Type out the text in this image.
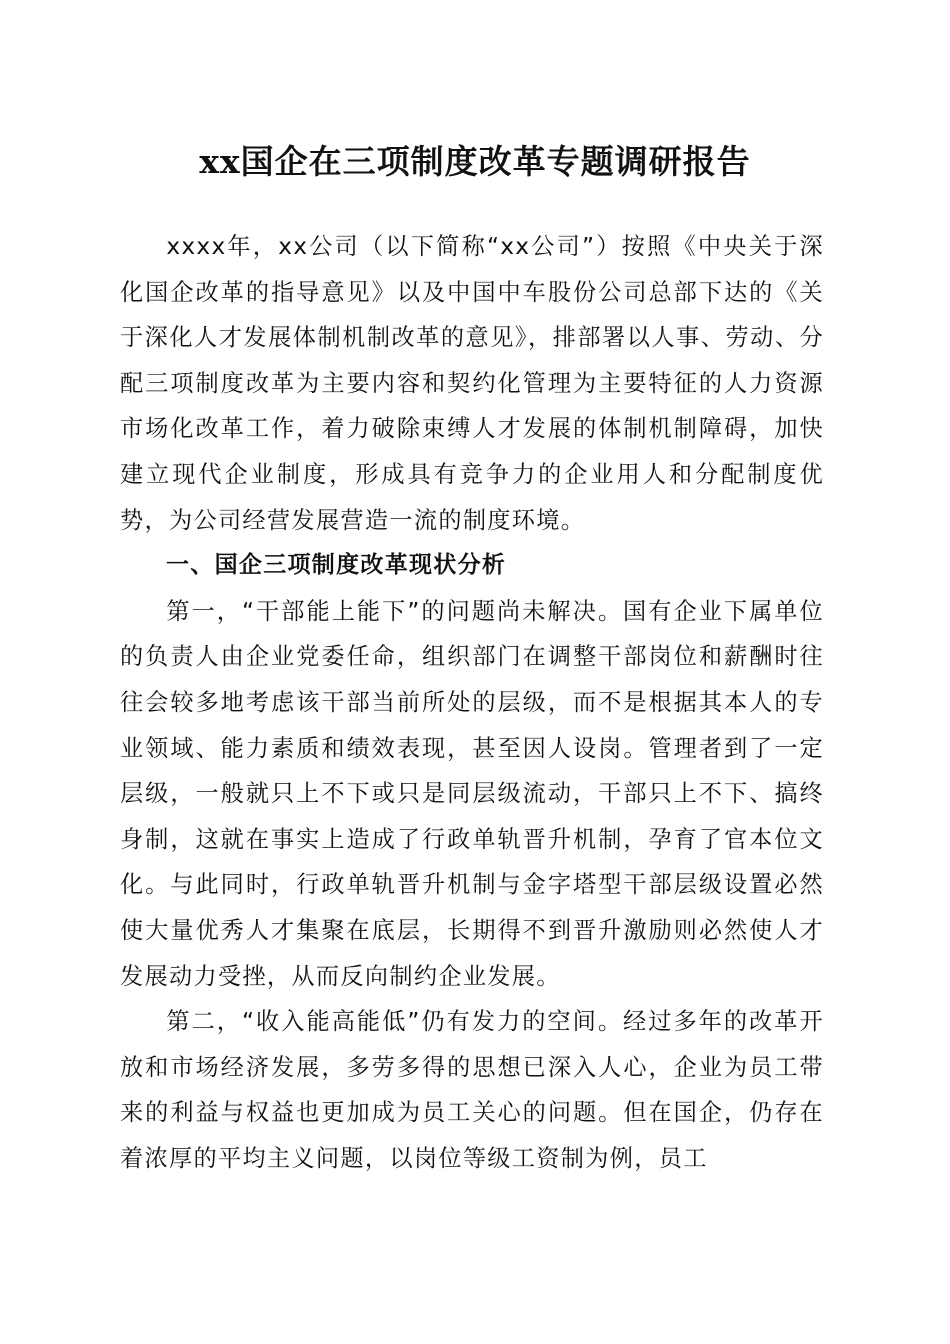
xx国企在三项制度改革专题调研报告

xxxx年，xx公司（以下简称“xx公司”）按照《中央关于深化国企改革的指导意见》以及中国中车股份公司总部下达的《关于深化人才发展体制机制改革的意见》，排部署以人事、劳动、分配三项制度改革为主要内容和契约化管理为主要特征的人力资源市场化改革工作，着力破除束缚人才发展的体制机制障碍，加快建立现代企业制度，形成具有竞争力的企业用人和分配制度优势，为公司经营发展营造一流的制度环境。

一、国企三项制度改革现状分析

第一，“干部能上能下”的问题尚未解决。国有企业下属单位的负责人由企业党委任命，组织部门在调整干部岗位和薪酬时往往会较多地考虑该干部当前所处的层级，而不是根据其本人的专业领域、能力素质和绩效表现，甚至因人设岗。管理者到了一定层级，一般就只上不下或只是同层级流动，干部只上不下、搞终身制，这就在事实上造成了行政单轨晋升机制，孕育了官本位文化。与此同时，行政单轨晋升机制与金字塔型干部层级设置必然使大量优秀人才集聚在底层，长期得不到晋升激励则必然使人才发展动力受挫，从而反向制约企业发展。

第二，“收入能高能低”仍有发力的空间。经过多年的改革开放和市场经济发展，多劳多得的思想已深入人心，企业为员工带来的利益与权益也更加成为员工关心的问题。但在国企，仍存在着浓厚的平均主义问题，以岗位等级工资制为例，员工
